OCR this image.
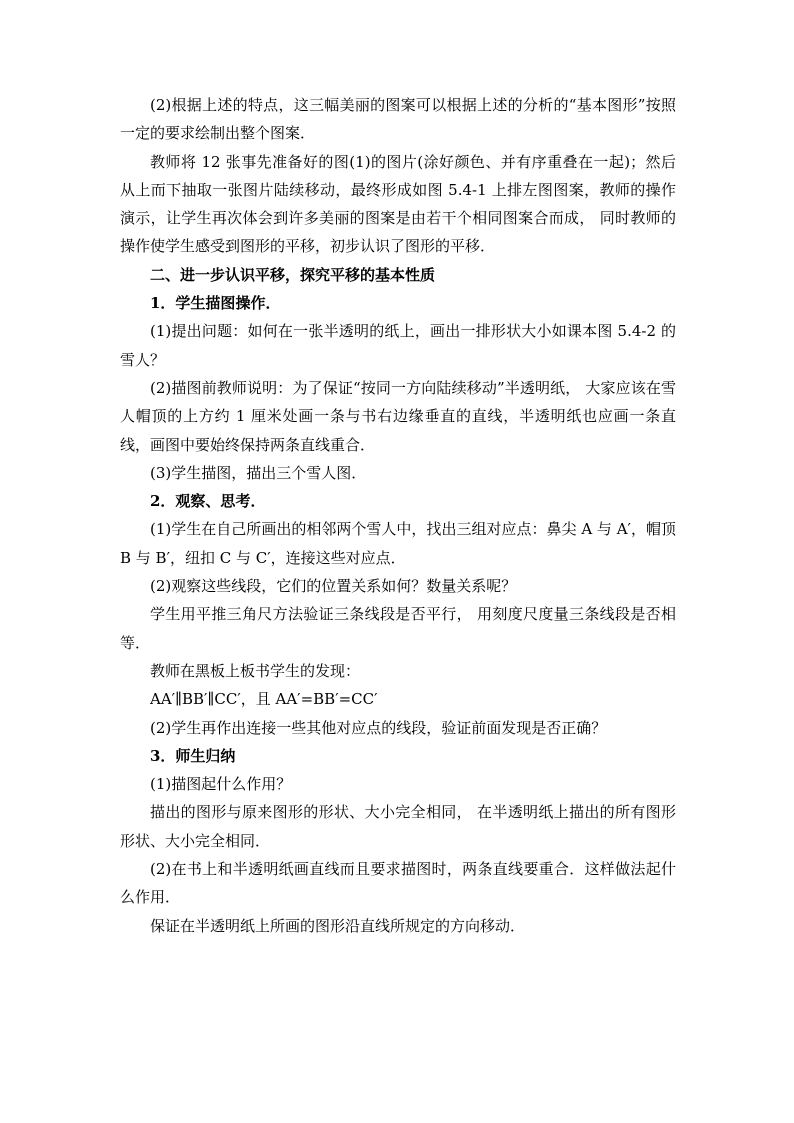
(2)根据上述的特点，这三幅美丽的图案可以根据上述的分析的“基本图形”按照一定的要求绘制出整个图案．

教师将 12 张事先准备好的图(1)的图片(涂好颜色、并有序重叠在一起)；然后从上而下抽取一张图片陆续移动，最终形成如图 5.4-1 上排左图图案，教师的操作演示，让学生再次体会到许多美丽的图案是由若干个相同图案合而成， 同时教师的操作使学生感受到图形的平移，初步认识了图形的平移．

二、进一步认识平移，探究平移的基本性质

1．学生描图操作．

(1)提出问题：如何在一张半透明的纸上，画出一排形状大小如课本图 5.4-2 的雪人？

(2)描图前教师说明：为了保证“按同一方向陆续移动”半透明纸， 大家应该在雪人帽顶的上方约 1 厘米处画一条与书右边缘垂直的直线，半透明纸也应画一条直线，画图中要始终保持两条直线重合．

(3)学生描图，描出三个雪人图．

2．观察、思考．

(1)学生在自己所画出的相邻两个雪人中，找出三组对应点：鼻尖 A 与 A′，帽顶 B 与 B′，纽扣 C 与 C′，连接这些对应点．

(2)观察这些线段，它们的位置关系如何？数量关系呢？

学生用平推三角尺方法验证三条线段是否平行， 用刻度尺度量三条线段是否相等．

教师在黑板上板书学生的发现：

AA′∥BB′∥CC′，且 AA′=BB′=CC′

(2)学生再作出连接一些其他对应点的线段，验证前面发现是否正确？

3．师生归纳

(1)描图起什么作用？

描出的图形与原来图形的形状、大小完全相同， 在半透明纸上描出的所有图形形状、大小完全相同．

(2)在书上和半透明纸画直线而且要求描图时，两条直线要重合．这样做法起什么作用．

保证在半透明纸上所画的图形沿直线所规定的方向移动．
